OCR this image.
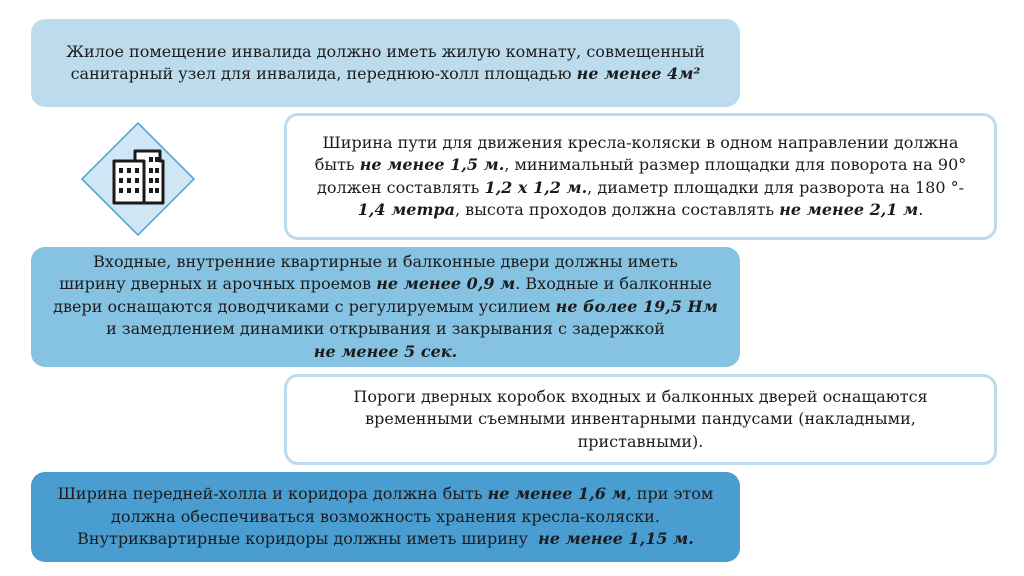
Жилое помещение инвалида должно иметь жилую комнату, совмещенный
санитарный узел для инвалида, переднюю-холл площадью не менее 4м²

Ширина пути для движения кресла-коляски в одном направлении должна
быть не менее 1,5 м., минимальный размер площадки для поворота на 90°
должен составлять 1,2 х 1,2 м., диаметр площадки для разворота на 180 °-
1,4 метра, высота проходов должна составлять не менее 2,1 м.

Входные, внутренние квартирные и балконные двери должны иметь
ширину дверных и арочных проемов не менее 0,9 м. Входные и балконные
двери оснащаются доводчиками с регулируемым усилием не более 19,5 Нм
и замедлением динамики открывания и закрывания с задержкой
не менее 5 сек.

Пороги дверных коробок входных и балконных дверей оснащаются
временными съемными инвентарными пандусами (накладными,
приставными).

Ширина передней-холла и коридора должна быть не менее 1,6 м, при этом
должна обеспечиваться возможность хранения кресла-коляски.
Внутриквартирные коридоры должны иметь ширину  не менее 1,15 м.
